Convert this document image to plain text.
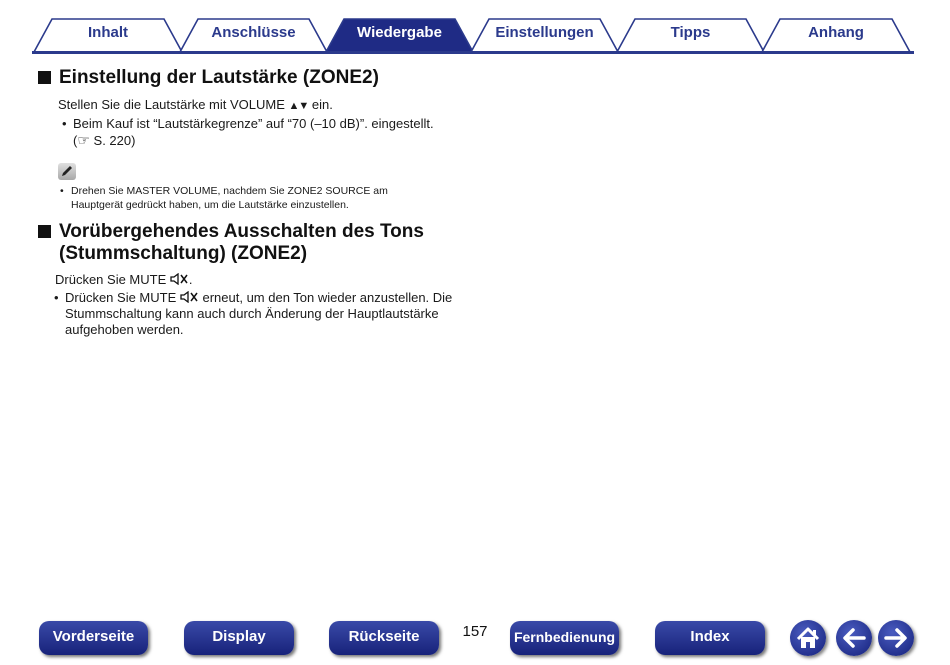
Inhalt	Anschlüsse	Wiedergabe	Einstellungen	Tipps	Anhang
Einstellung der Lautstärke (ZONE2)
Stellen Sie die Lautstärke mit VOLUME ▲▼ ein.
• Beim Kauf ist “Lautstärkegrenze” auf “70 (–10 dB)”. eingestellt.
(☞ S. 220)
• Drehen Sie MASTER VOLUME, nachdem Sie ZONE2 SOURCE am
Hauptgerät gedrückt haben, um die Lautstärke einzustellen.
Vorübergehendes Ausschalten des Tons
(Stummschaltung) (ZONE2)
Drücken Sie MUTE .
• Drücken Sie MUTE  erneut, um den Ton wieder anzustellen. Die
Stummschaltung kann auch durch Änderung der Hauptlautstärke
aufgehoben werden.
Vorderseite	Display	Rückseite	157	Fernbedienung	Index
